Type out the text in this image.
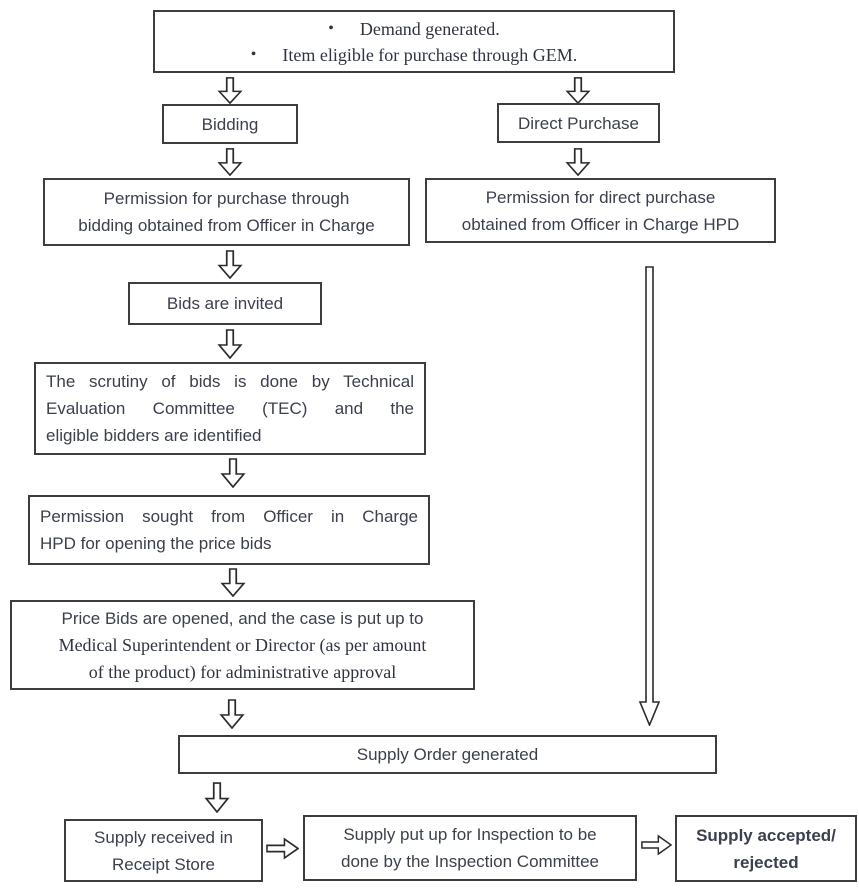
• Demand generated.
• Item eligible for purchase through GEM.
Bidding	Direct Purchase
Permission for purchase through
bidding obtained from Officer in Charge
Permission for direct purchase
obtained from Officer in Charge HPD
Bids are invited
The scrutiny of bids is done by Technical
Evaluation Committee (TEC) and the
eligible bidders are identified
Permission sought from Officer in Charge
HPD for opening the price bids
Price Bids are opened, and the case is put up to
Medical Superintendent or Director (as per amount
of the product) for administrative approval
Supply Order generated
Supply received in
Receipt Store
Supply put up for Inspection to be
done by the Inspection Committee
Supply accepted/
rejected
